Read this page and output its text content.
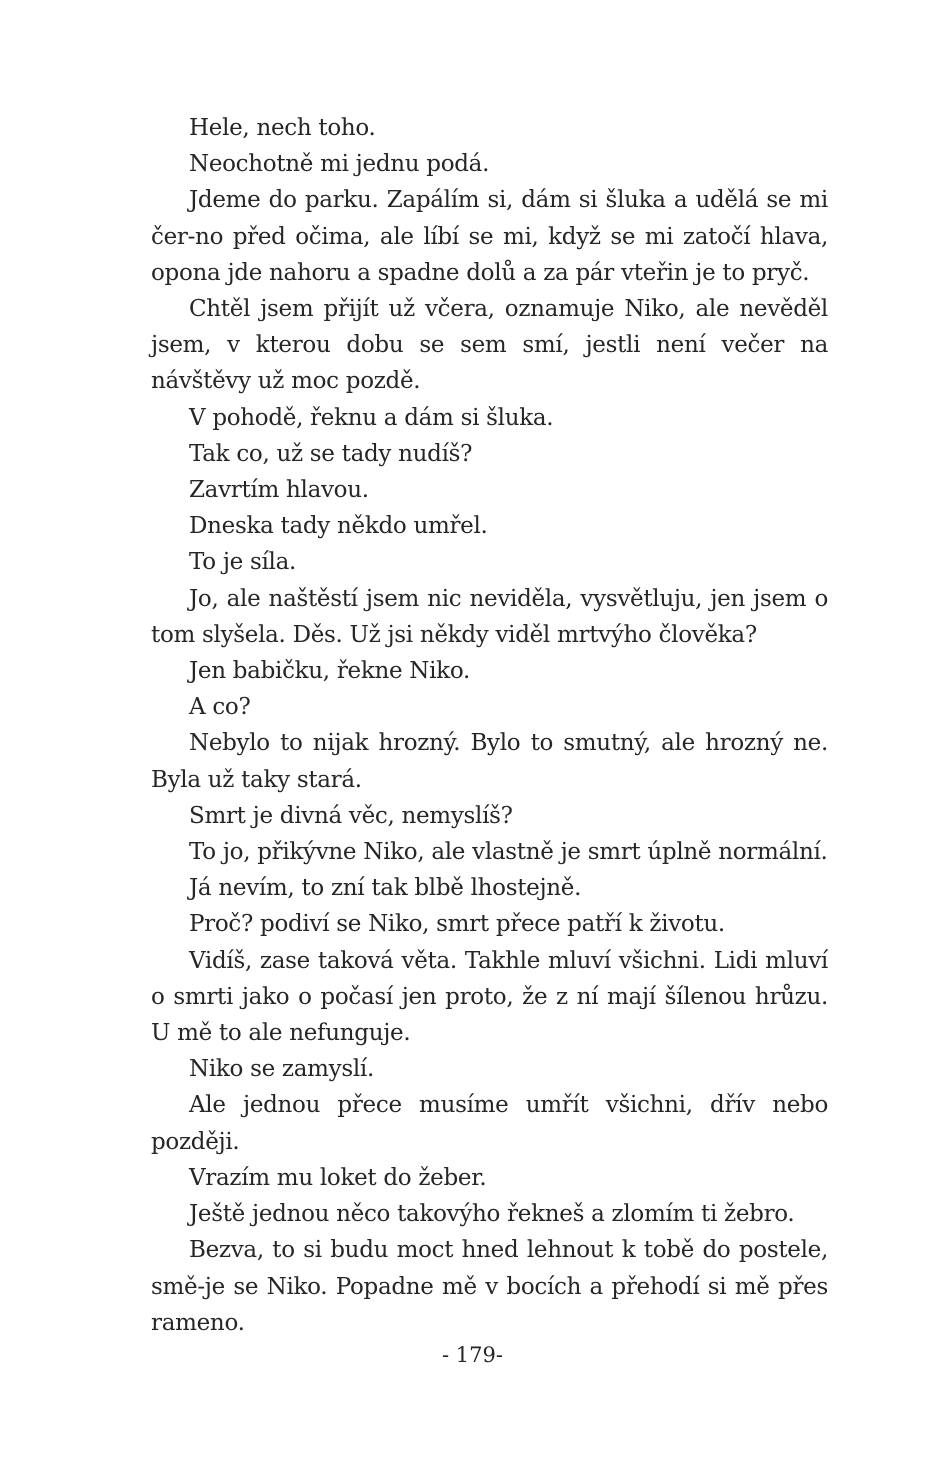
Hele, nech toho.

Neochotně mi jednu podá.

Jdeme do parku. Zapálím si, dám si šluka a udělá se mi čer-no před očima, ale líbí se mi, když se mi zatočí hlava, opona jde nahoru a spadne dolů a za pár vteřin je to pryč.

Chtěl jsem přijít už včera, oznamuje Niko, ale nevěděl jsem, v kterou dobu se sem smí, jestli není večer na návštěvy už moc pozdě.

V pohodě, řeknu a dám si šluka.

Tak co, už se tady nudíš?

Zavrtím hlavou.

Dneska tady někdo umřel.

To je síla.

Jo, ale naštěstí jsem nic neviděla, vysvětluju, jen jsem o tom slyšela. Děs. Už jsi někdy viděl mrtvýho člověka?

Jen babičku, řekne Niko.

A co?

Nebylo to nijak hrozný. Bylo to smutný, ale hrozný ne. Byla už taky stará.

Smrt je divná věc, nemyslíš?

To jo, přikývne Niko, ale vlastně je smrt úplně normální.

Já nevím, to zní tak blbě lhostejně.

Proč? podiví se Niko, smrt přece patří k životu.

Vidíš, zase taková věta. Takhle mluví všichni. Lidi mluví o smrti jako o počasí jen proto, že z ní mají šílenou hrůzu. U mě to ale nefunguje.

Niko se zamyslí.

Ale jednou přece musíme umřít všichni, dřív nebo později.

Vrazím mu loket do žeber.

Ještě jednou něco takovýho řekneš a zlomím ti žebro.

Bezva, to si budu moct hned lehnout k tobě do postele, smě-je se Niko. Popadne mě v bocích a přehodí si mě přes rameno.

- 179-
